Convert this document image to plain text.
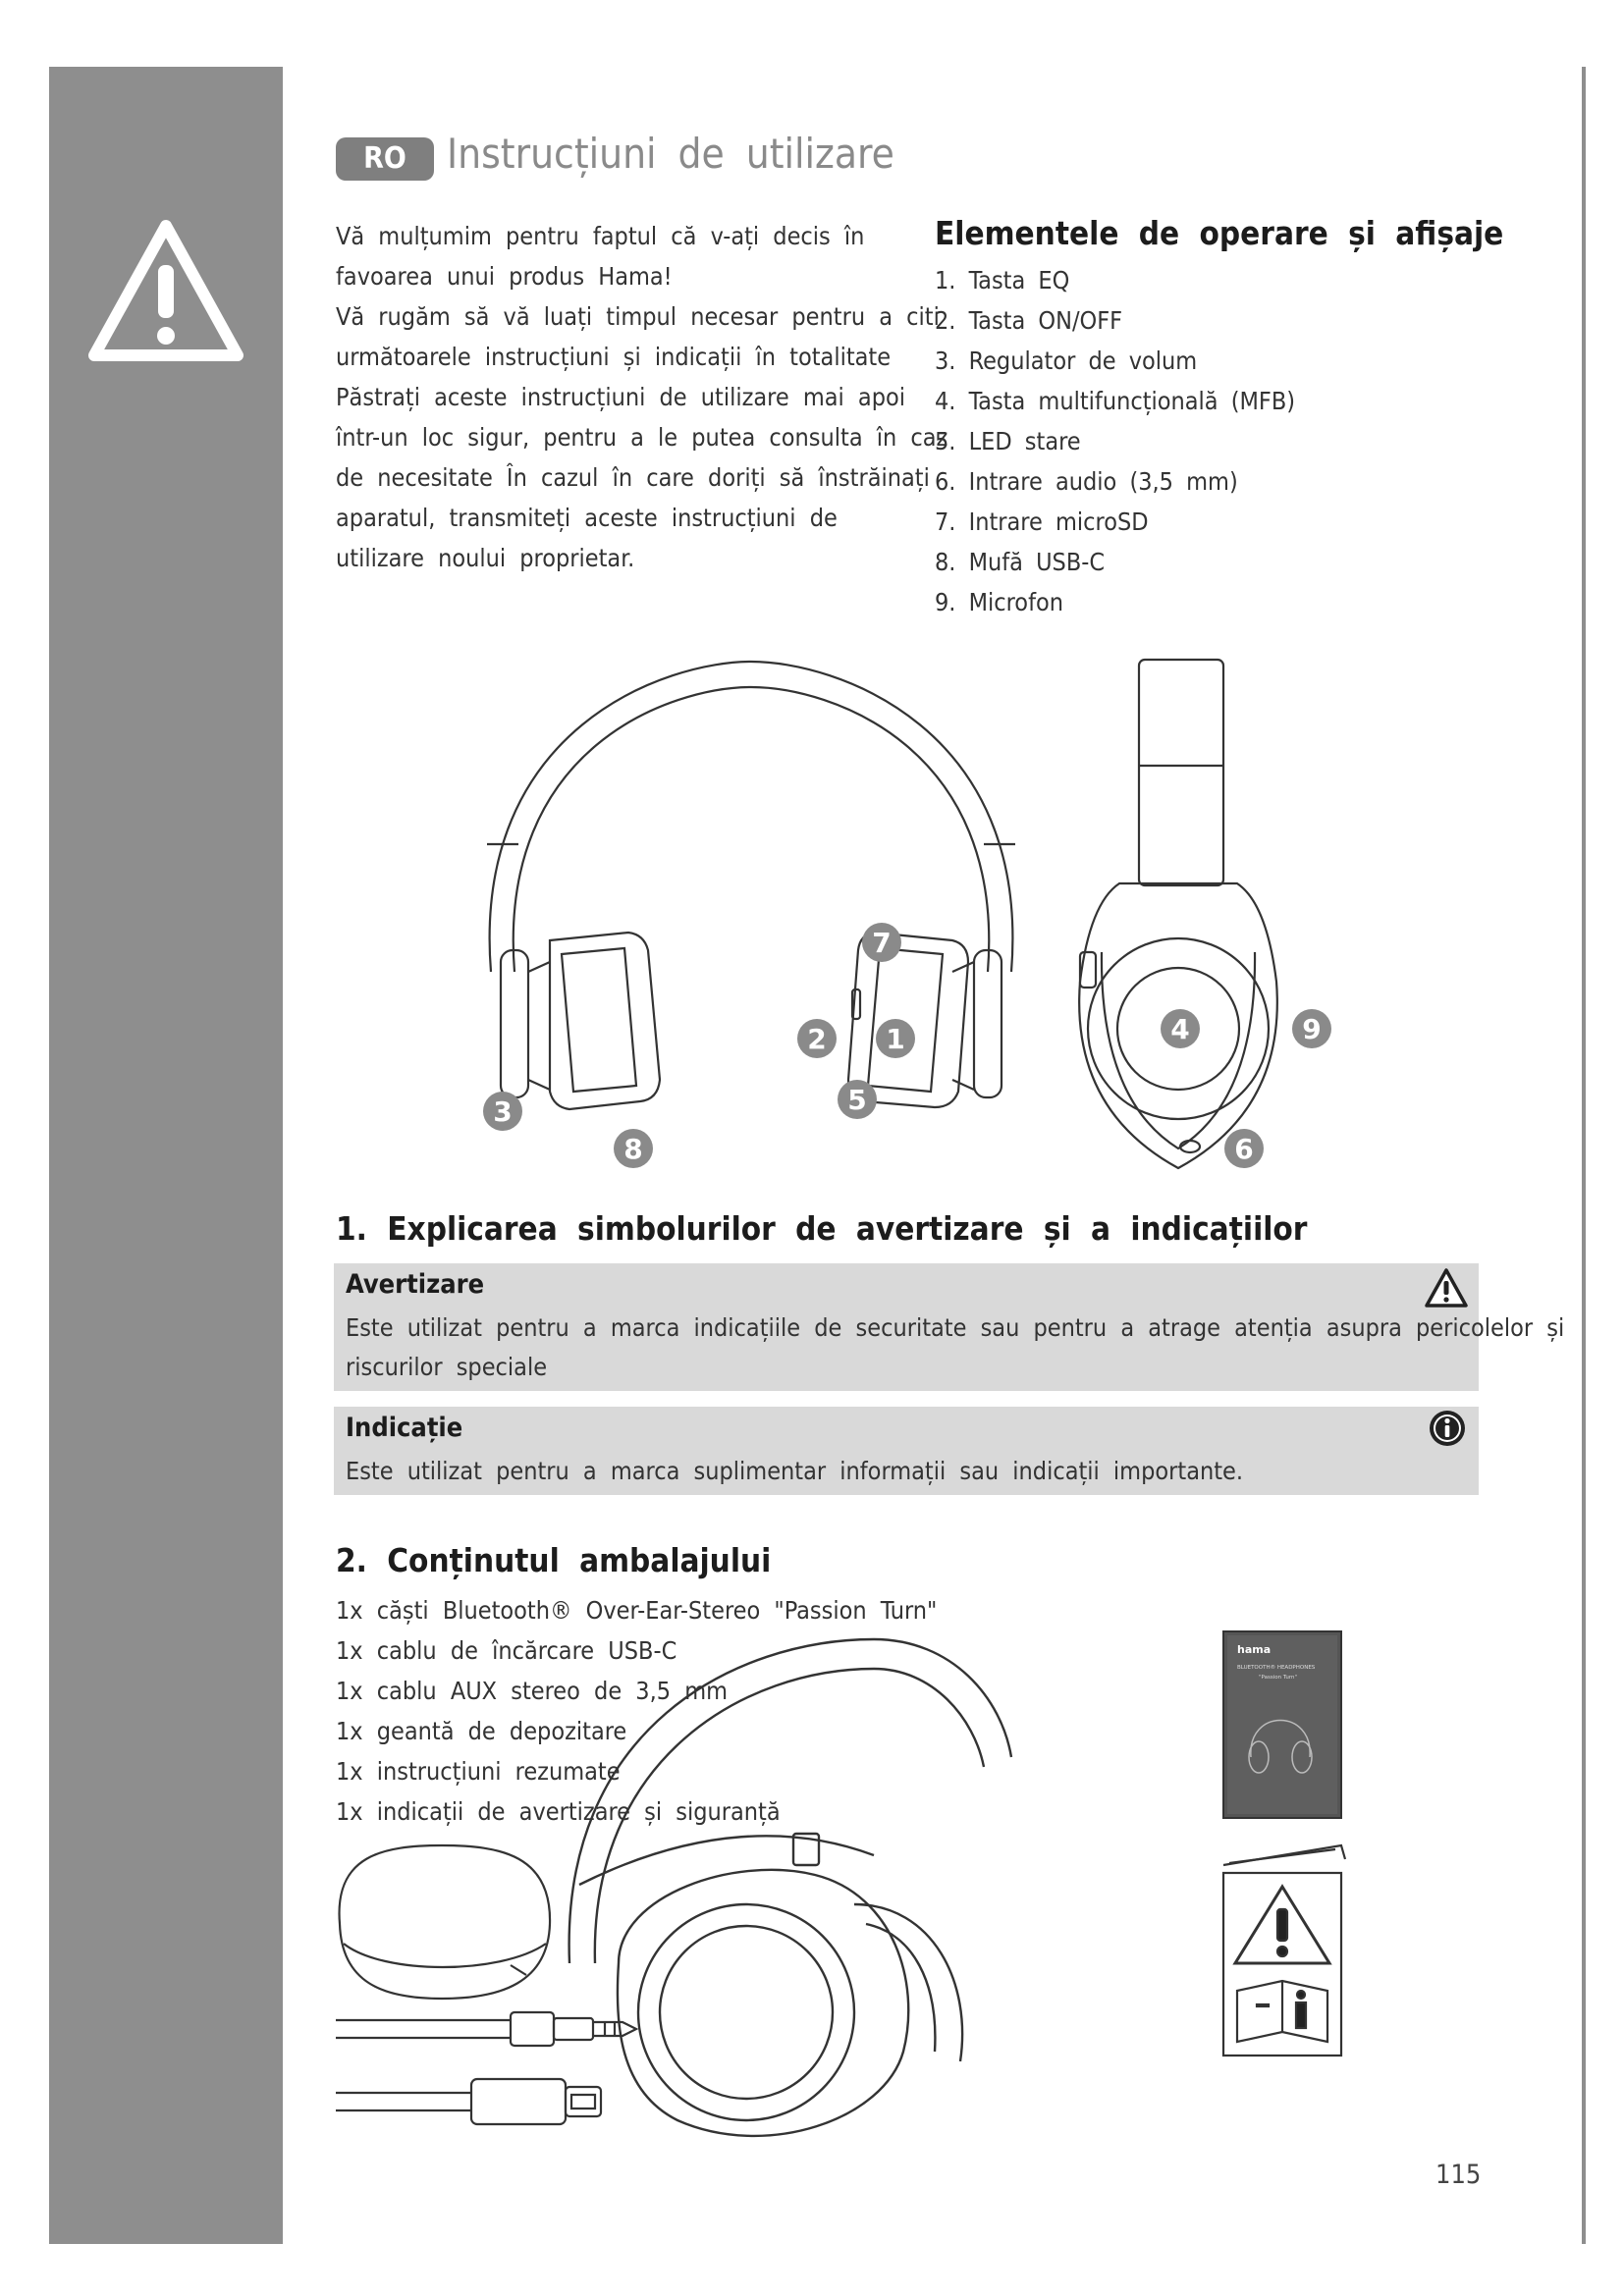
RO Instrucțiuni de utilizare

Vă mulțumim pentru faptul că v-ați decis în

favoarea unui produs Hama!

Vă rugăm să vă luați timpul necesar pentru a citi

următoarele instrucțiuni și indicații în totalitate

Păstrați aceste instrucțiuni de utilizare mai apoi

într-un loc sigur, pentru a le putea consulta în caz

de necesitate În cazul în care doriți să înstrăinați

aparatul, transmiteți aceste instrucțiuni de

utilizare noului proprietar.

Elementele de operare și afișaje
1. Tasta EQ
2. Tasta ON/OFF
3. Regulator de volum
4. Tasta multifuncțională (MFB)
5. LED stare
6. Intrare audio (3,5 mm)
7. Intrare microSD
8. Mufă USB-C
9. Microfon
7
2 1
5
3
8
4	9
6
1. Explicarea simbolurilor de avertizare și a indicațiilor
Avertizare
Este utilizat pentru a marca indicațiile de securitate sau pentru a atrage atenția asupra pericolelor și
riscurilor speciale
Indicație
Este utilizat pentru a marca suplimentar informații sau indicații importante.
2. Conținutul ambalajului
1x căști Bluetooth® Over-Ear-Stereo "Passion Turn"
1x cablu de încărcare USB-C
1x cablu AUX stereo de 3,5 mm
1x geantă de depozitare
1x instrucțiuni rezumate
1x indicații de avertizare și siguranță
hama
BLUETOOTH® HEADPHONES
"Passion Turn"
115
